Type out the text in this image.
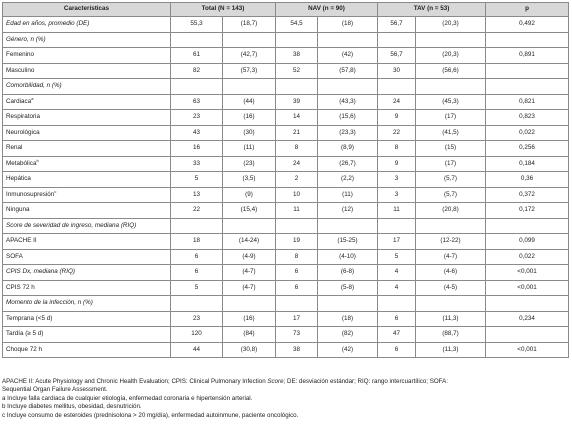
Características	Total (N = 143)		NAV (n = 90)		TAV (n = 53)		p
Edad en años, promedio (DE)	55,3	(18,7)	54,5	(18)	56,7	(20,3)	0,492
Género, n (%)							
Femenino	61	(42,7)	38	(42)	56,7	(20,3)	0,891
Masculino	82	(57,3)	52	(57,8)	30	(56,6)	
Comorbilidad, n (%)							
Cardiaca$^a$	63	(44)	39	(43,3)	24	(45,3)	0,821
Respiratoria	23	(16)	14	(15,6)	9	(17)	0,823
Neurológica	43	(30)	21	(23,3)	22	(41,5)	0,022
Renal	16	(11)	8	(8,9)	8	(15)	0,256
Metabólica$^b$	33	(23)	24	(26,7)	9	(17)	0,184
Hepática	5	(3,5)	2	(2,2)	3	(5,7)	0,36
Inmunosupresión$^c$	13	(9)	10	(11)	3	(5,7)	0,372
Ninguna	22	(15,4)	11	(12)	11	(20,8)	0,172
Score de severidad de ingreso, mediana (RIQ)							
APACHE II	18	(14-24)	19	(15-25)	17	(12-22)	0,099
SOFA	6	(4-9)	8	(4-10)	5	(4-7)	0,022
CPIS Dx, mediana (RIQ)	6	(4-7)	6	(6-8)	4	(4-6)	<0,001
CPIS 72 h	5	(4-7)	6	(5-8)	4	(4-5)	<0,001
Momento de la infección, n (%)							
Temprana (<5 d)	23	(16)	17	(18)	6	(11,3)	0,234
Tardía (≥ 5 d)	120	(84)	73	(82)	47	(88,7)	
Choque 72 h	44	(30,8)	38	(42)	6	(11,3)	<0,001
APACHE II: Acute Physiology and Chronic Health Evaluation; CPIS: Clinical Pulmonary Infection Score; DE: desviación estándar; RIQ: rango intercuartílico; SOFA:
Sequential Organ Failure Assessment.
a Incluye falla cardiaca de cualquier etiología, enfermedad coronaria e hipertensión arterial.
b Incluye diabetes mellitus, obesidad, desnutrición.
c Incluye consumo de esteroides (prednisolona > 20 mg/día), enfermedad autoinmune, paciente oncológico.
